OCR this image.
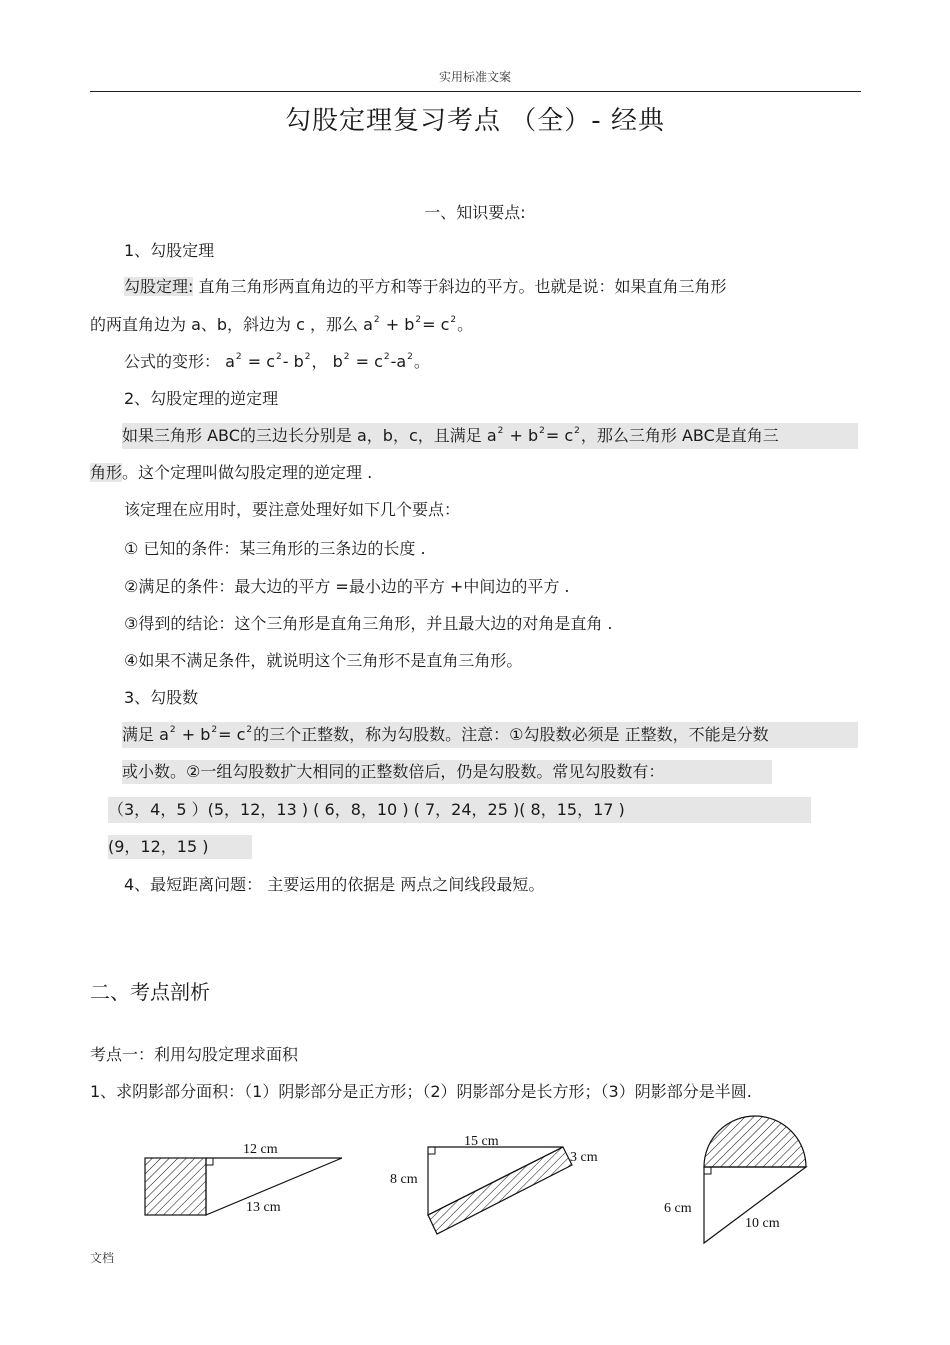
实用标准文案
勾股定理复习考点 （全）- 经典
一、知识要点:
1、勾股定理
勾股定理: 直角三角形两直角边的平方和等于斜边的平方。也就是说：如果直角三角形
的两直角边为 a、b，斜边为 c ，那么 $a^2 + b^2= c^2$。
公式的变形： $a^2 = c^2-$ $b^2$， $b^2 = c^2-a^2$。
2、勾股定理的逆定理
如果三角形 ABC的三边长分别是 a，b，c，且满足 $a^2 + b^2= c^2$，那么三角形 ABC是直角三
角形。这个定理叫做勾股定理的逆定理 .
该定理在应用时，要注意处理好如下几个要点：
① 已知的条件：某三角形的三条边的长度 .
②满足的条件：最大边的平方 =最小边的平方 +中间边的平方 .
③得到的结论：这个三角形是直角三角形，并且最大边的对角是直角 .
④如果不满足条件，就说明这个三角形不是直角三角形。
3、勾股数
满足 $a^2 + b^2= c^2$的三个正整数，称为勾股数。注意：①勾股数必须是 正整数，不能是分数
或小数。②一组勾股数扩大相同的正整数倍后，仍是勾股数。常见勾股数有：
（3，4，5 ）(5，12，13 ) ( 6，8，10 ) ( 7，24，25 )( 8，15，17 )
(9，12，15 )
4、最短距离问题： 主要运用的依据是 两点之间线段最短。
二、考点剖析
考点一：利用勾股定理求面积
1、求阴影部分面积：（1）阴影部分是正方形；（2）阴影部分是长方形；（3）阴影部分是半圆.
12 cm
13 cm
15 cm
8 cm
3 cm
6 cm
10 cm
文档
